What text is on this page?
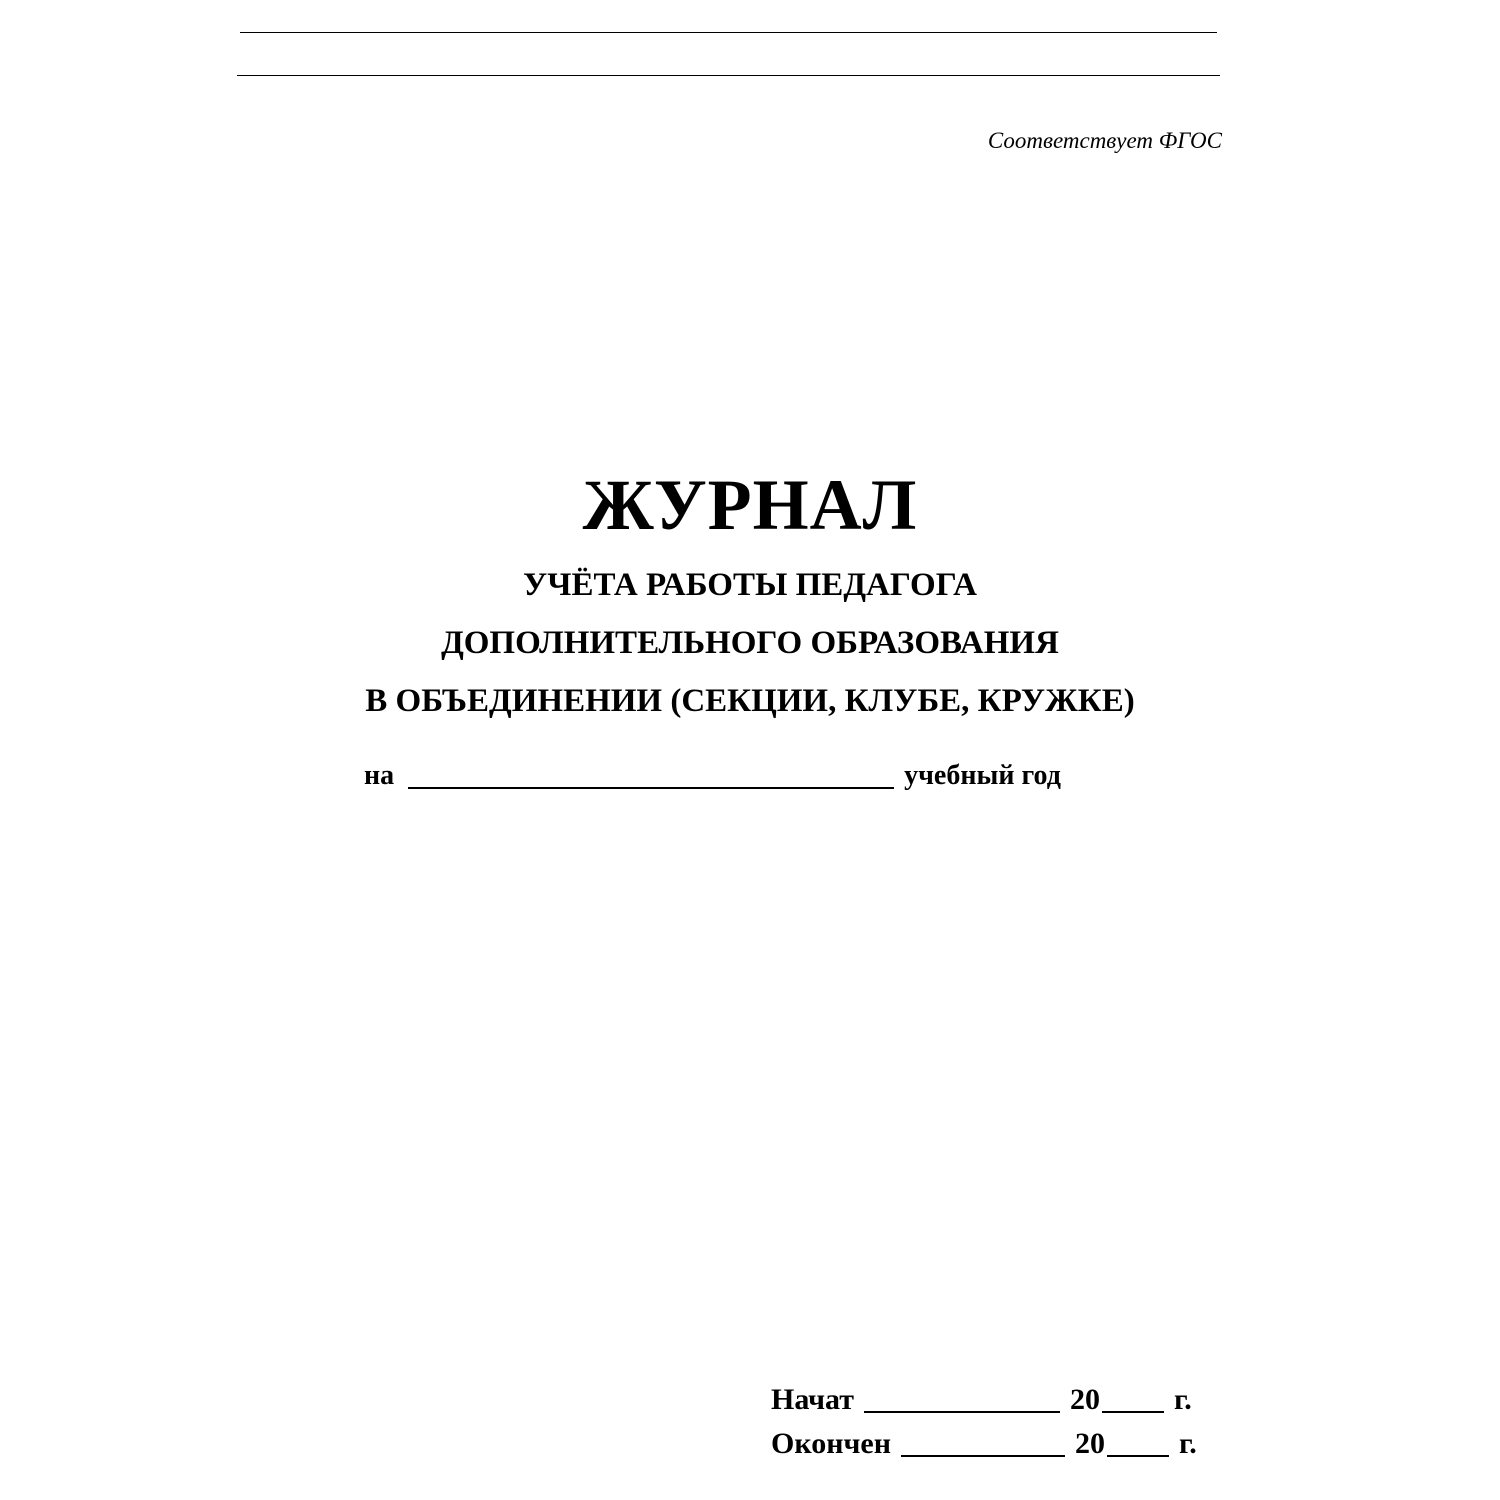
Соответствует ФГОС
ЖУРНАЛ
УЧЁТА РАБОТЫ ПЕДАГОГА
ДОПОЛНИТЕЛЬНОГО ОБРАЗОВАНИЯ
В ОБЪЕДИНЕНИИ (СЕКЦИИ, КЛУБЕ, КРУЖКЕ)
на	учебный год
Начат	20 г.
Окончен	20 г.
